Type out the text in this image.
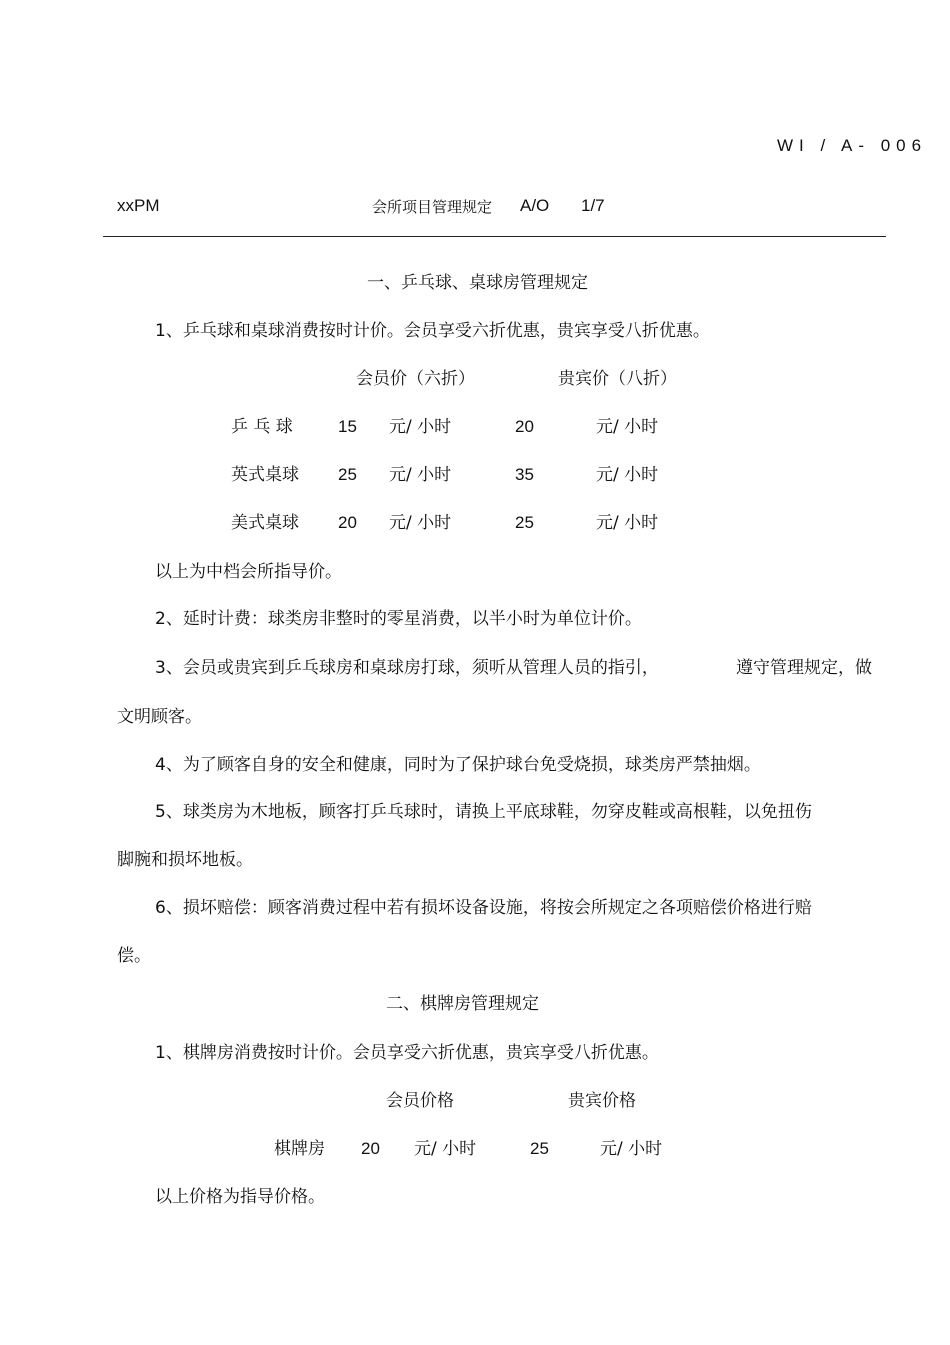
WI / A- 006
xxPM	会所项目管理规定 A/O 1/7
一、乒乓球、桌球房管理规定
1、乒乓球和桌球消费按时计价。会员享受六折优惠，贵宾享受八折优惠。
会员价（六折）	贵宾价（八折）
乒 乓 球	15 元/ 小时	20	元/ 小时
英式桌球 25 元/ 小时	35	元/ 小时
美式桌球 20 元/ 小时	25	元/ 小时
以上为中档会所指导价。
2、延时计费：球类房非整时的零星消费，以半小时为单位计价。
3、会员或贵宾到乒乓球房和桌球房打球，须听从管理人员的指引，	遵守管理规定，做
文明顾客。
4、为了顾客自身的安全和健康，同时为了保护球台免受烧损，球类房严禁抽烟。
5、球类房为木地板，顾客打乒乓球时，请换上平底球鞋，勿穿皮鞋或高根鞋，以免扭伤
脚腕和损坏地板。
6、损坏赔偿：顾客消费过程中若有损坏设备设施，将按会所规定之各项赔偿价格进行赔
偿。
二、棋牌房管理规定
1、棋牌房消费按时计价。会员享受六折优惠，贵宾享受八折优惠。
会员价格	贵宾价格
棋牌房 20 元/ 小时	25	元/ 小时
以上价格为指导价格。
